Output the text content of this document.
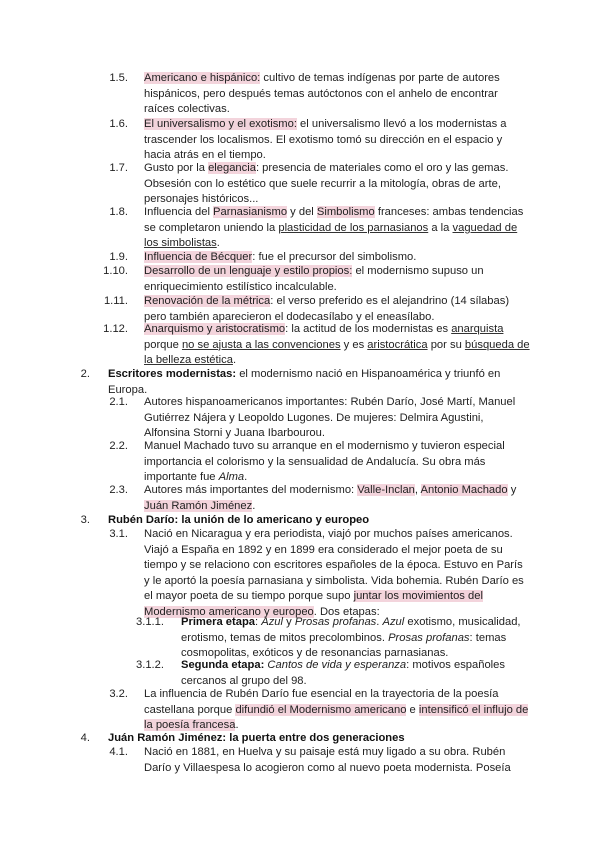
1.5. Americano e hispánico: cultivo de temas indígenas por parte de autores hispánicos, pero después temas autóctonos con el anhelo de encontrar raíces colectivas.
1.6. El universalismo y el exotismo: el universalismo llevó a los modernistas a trascender los localismos. El exotismo tomó su dirección en el espacio y hacia atrás en el tiempo.
1.7. Gusto por la elegancia: presencia de materiales como el oro y las gemas. Obsesión con lo estético que suele recurrir a la mitología, obras de arte, personajes históricos...
1.8. Influencia del Parnasianismo y del Simbolismo franceses: ambas tendencias se completaron uniendo la plasticidad de los parnasianos a la vaguedad de los simbolistas.
1.9. Influencia de Bécquer: fue el precursor del simbolismo.
1.10. Desarrollo de un lenguaje y estilo propios: el modernismo supuso un enriquecimiento estilístico incalculable.
1.11. Renovación de la métrica: el verso preferido es el alejandrino (14 sílabas) pero también aparecieron el dodecasílabo y el eneasílabo.
1.12. Anarquismo y aristocratismo: la actitud de los modernistas es anarquista porque no se ajusta a las convenciones y es aristocrática por su búsqueda de la belleza estética.
2. Escritores modernistas: el modernismo nació en Hispanoamérica y triunfó en Europa.
2.1. Autores hispanoamericanos importantes: Rubén Darío, José Martí, Manuel Gutiérrez Nájera y Leopoldo Lugones. De mujeres: Delmira Agustini, Alfonsina Storni y Juana Ibarbourou.
2.2. Manuel Machado tuvo su arranque en el modernismo y tuvieron especial importancia el colorismo y la sensualidad de Andalucía. Su obra más importante fue Alma.
2.3. Autores más importantes del modernismo: Valle-Inclan, Antonio Machado y Juán Ramón Jiménez.
3. Rubén Darío: la unión de lo americano y europeo
3.1. Nació en Nicaragua y era periodista, viajó por muchos países americanos. Viajó a España en 1892 y en 1899 era considerado el mejor poeta de su tiempo y se relaciono con escritores españoles de la época. Estuvo en París y le aportó la poesía parnasiana y simbolista. Vida bohemia. Rubén Darío es el mayor poeta de su tiempo porque supo juntar los movimientos del Modernismo americano y europeo. Dos etapas:
3.1.1. Primera etapa: Azul y Prosas profanas. Azul exotismo, musicalidad, erotismo, temas de mitos precolombinos. Prosas profanas: temas cosmopolitas, exóticos y de resonancias parnasianas.
3.1.2. Segunda etapa: Cantos de vida y esperanza: motivos españoles cercanos al grupo del 98.
3.2. La influencia de Rubén Darío fue esencial en la trayectoria de la poesía castellana porque difundió el Modernismo americano e intensificó el influjo de la poesía francesa.
4. Juán Ramón Jiménez: la puerta entre dos generaciones
4.1. Nació en 1881, en Huelva y su paisaje está muy ligado a su obra. Rubén Darío y Villaespesa lo acogieron como al nuevo poeta modernista. Poseía
